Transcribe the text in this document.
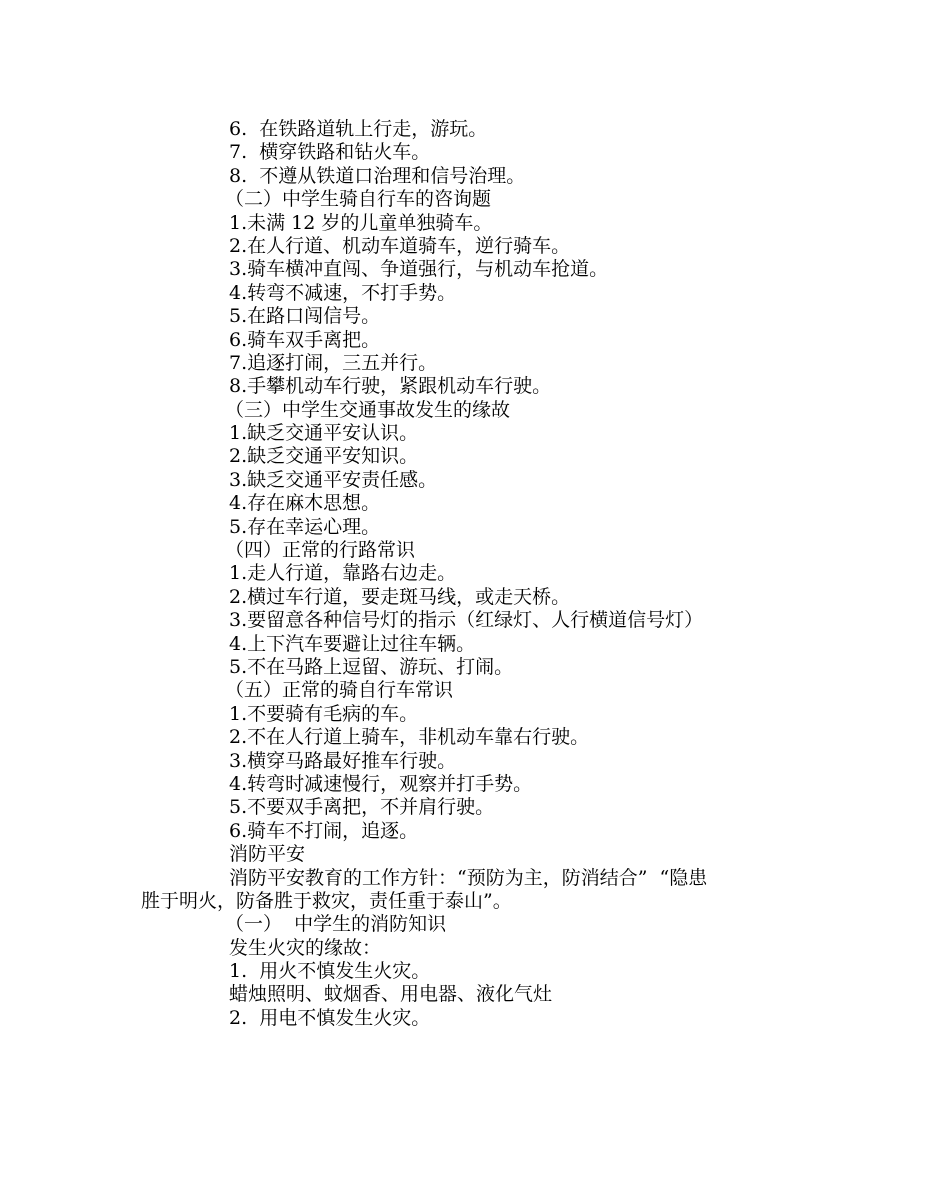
6.  在铁路道轨上行走，游玩。
7.  横穿铁路和钻火车。
8.  不遵从铁道口治理和信号治理。
（二）中学生骑自行车的咨询题
1.未满 12 岁的儿童单独骑车。
2.在人行道、机动车道骑车，逆行骑车。
3.骑车横冲直闯、争道强行，与机动车抢道。
4.转弯不减速，不打手势。
5.在路口闯信号。
6.骑车双手离把。
7.追逐打闹，三五并行。
8.手攀机动车行驶，紧跟机动车行驶。
（三）中学生交通事故发生的缘故
1.缺乏交通平安认识。
2.缺乏交通平安知识。
3.缺乏交通平安责任感。
4.存在麻木思想。
5.存在幸运心理。
（四）正常的行路常识
1.走人行道，靠路右边走。
2.横过车行道，要走斑马线，或走天桥。
3.要留意各种信号灯的指示（红绿灯、人行横道信号灯）
4.上下汽车要避让过往车辆。
5.不在马路上逗留、游玩、打闹。
（五）正常的骑自行车常识
1.不要骑有毛病的车。
2.不在人行道上骑车，非机动车靠右行驶。
3.横穿马路最好推车行驶。
4.转弯时减速慢行，观察并打手势。
5.不要双手离把，不并肩行驶。
6.骑车不打闹，追逐。
消防平安
消防平安教育的工作方针：“预防为主，防消结合”  “隐患
胜于明火，防备胜于救灾，责任重于泰山”。
（一）  中学生的消防知识
发生火灾的缘故：
1.  用火不慎发生火灾。
蜡烛照明、蚊烟香、用电器、液化气灶
2.  用电不慎发生火灾。
